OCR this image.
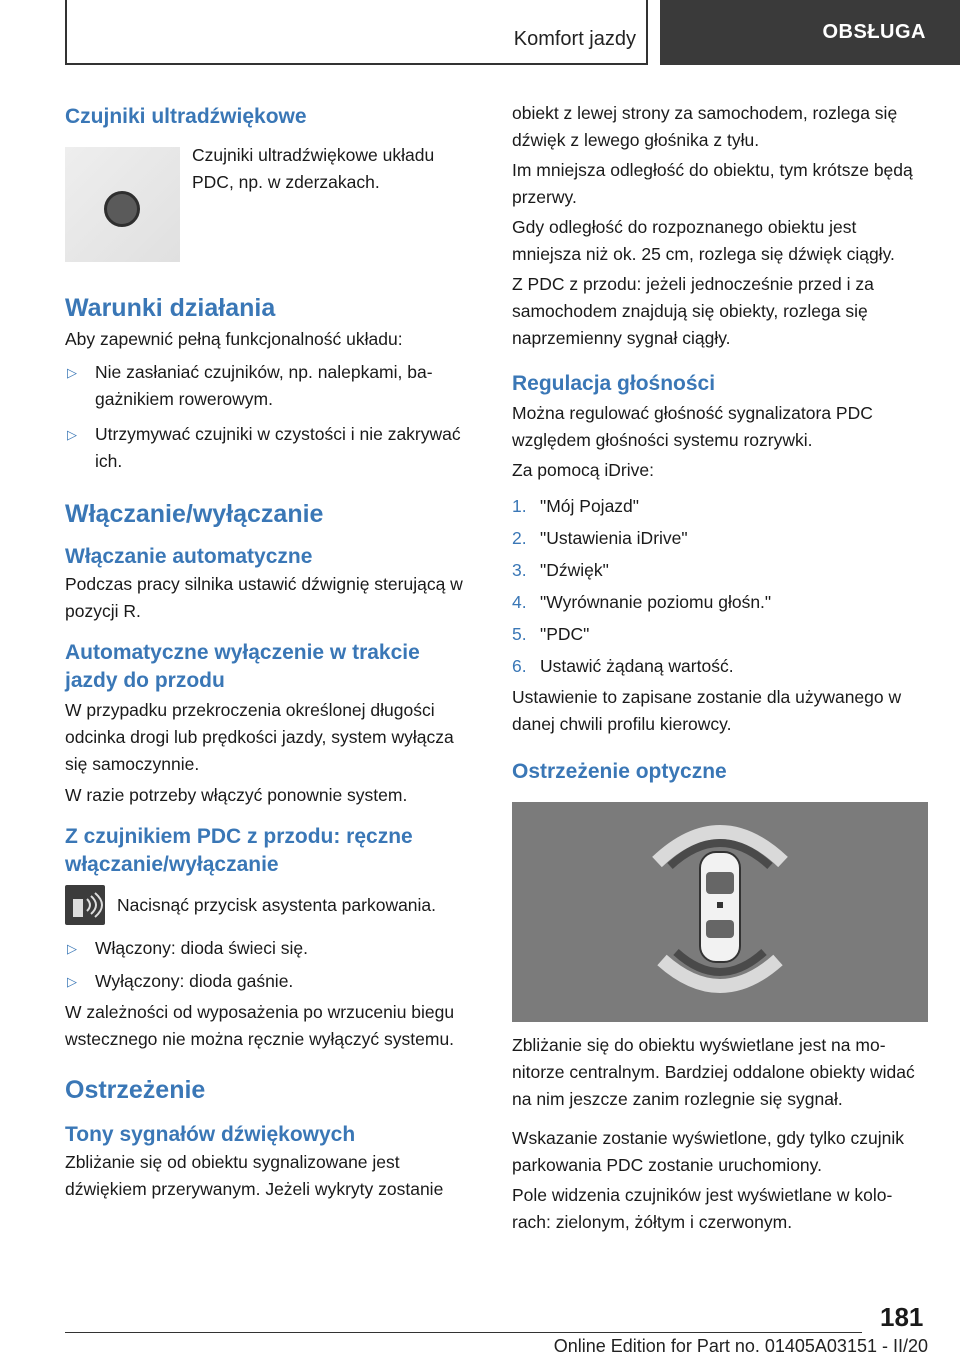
Komfort jazdy	OBSŁUGA
Czujniki ultradźwiękowe

Czujniki ultradźwiękowe układu PDC, np. w zderzakach.

Warunki działania

Aby zapewnić pełną funkcjonalność układu:

▷ Nie zasłaniać czujników, np. nalepkami, bagażnikiem rowerowym.
▷ Utrzymywać czujniki w czystości i nie zakrywać ich.
Włączanie/wyłączanie
Włączanie automatyczne

Podczas pracy silnika ustawić dźwignię sterującą w pozycji R.

Automatyczne wyłączenie w trakcie jazdy do przodu

W przypadku przekroczenia określonej długości odcinka drogi lub prędkości jazdy, system wyłącza się samoczynnie.

W razie potrzeby włączyć ponownie system.

Z czujnikiem PDC z przodu: ręczne włączanie/wyłączanie

Nacisnąć przycisk asystenta parkowania.

▷ Włączony: dioda świeci się.
▷ Wyłączony: dioda gaśnie.

W zależności od wyposażenia po wrzuceniu biegu wstecznego nie można ręcznie wyłączyć systemu.

Ostrzeżenie
Tony sygnałów dźwiękowych

Zbliżanie się od obiektu sygnalizowane jest dźwiękiem przerywanym. Jeżeli wykryty zostanie

obiekt z lewej strony za samochodem, rozlega się dźwięk z lewego głośnika z tyłu.

Im mniejsza odległość do obiektu, tym krótsze będą przerwy.

Gdy odległość do rozpoznanego obiektu jest mniejsza niż ok. 25 cm, rozlega się dźwięk ciągły.

Z PDC z przodu: jeżeli jednocześnie przed i za samochodem znajdują się obiekty, rozlega się naprzemienny sygnał ciągły.

Regulacja głośności

Można regulować głośność sygnalizatora PDC względem głośności systemu rozrywki.

Za pomocą iDrive:

1. "Mój Pojazd"
2. "Ustawienia iDrive"
3. "Dźwięk"
4. "Wyrównanie poziomu głośn."
5. "PDC"
6. Ustawić żądaną wartość.

Ustawienie to zapisane zostanie dla używanego w danej chwili profilu kierowcy.

Ostrzeżenie optyczne

Zbliżanie się do obiektu wyświetlane jest na monitorze centralnym. Bardziej oddalone obiekty widać na nim jeszcze zanim rozlegnie się sygnał.

Wskazanie zostanie wyświetlone, gdy tylko czujnik parkowania PDC zostanie uruchomiony.

Pole widzenia czujników jest wyświetlane w kolorach: zielonym, żółtym i czerwonym.

181
Online Edition for Part no. 01405A03151 - II/20
